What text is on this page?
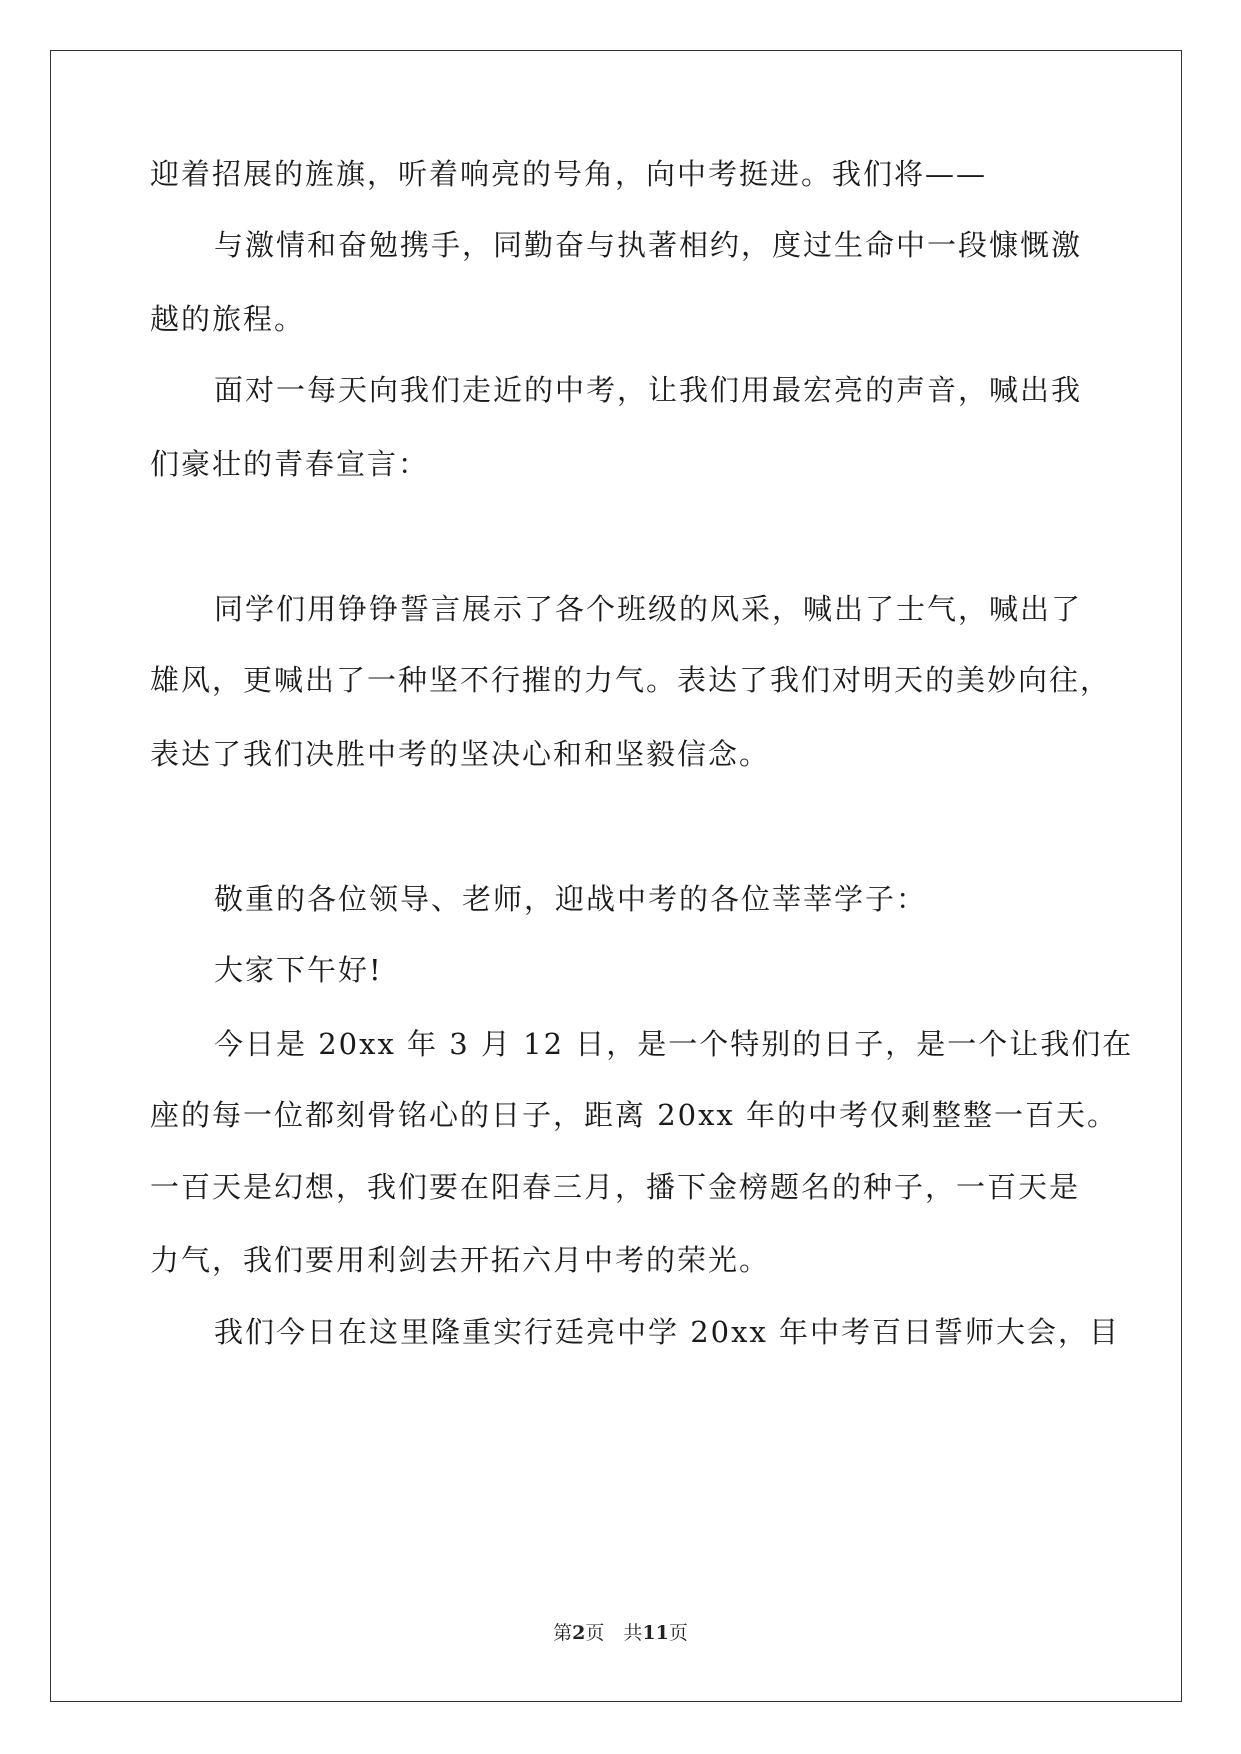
迎着招展的旌旗，听着响亮的号角，向中考挺进。我们将——
与激情和奋勉携手，同勤奋与执著相约，度过生命中一段慷慨激
越的旅程。
面对一每天向我们走近的中考，让我们用最宏亮的声音，喊出我
们豪壮的青春宣言：
同学们用铮铮誓言展示了各个班级的风采，喊出了士气，喊出了
雄风，更喊出了一种坚不行摧的力气。表达了我们对明天的美妙向往，
表达了我们决胜中考的坚决心和和坚毅信念。
敬重的各位领导、老师，迎战中考的各位莘莘学子：
大家下午好!
今日是 20xx 年 3 月 12 日，是一个特别的日子，是一个让我们在
座的每一位都刻骨铭心的日子，距离 20xx 年的中考仅剩整整一百天。
一百天是幻想，我们要在阳春三月，播下金榜题名的种子，一百天是
力气，我们要用利剑去开拓六月中考的荣光。
我们今日在这里隆重实行廷亮中学 20xx 年中考百日誓师大会，目
第2页　共11页
